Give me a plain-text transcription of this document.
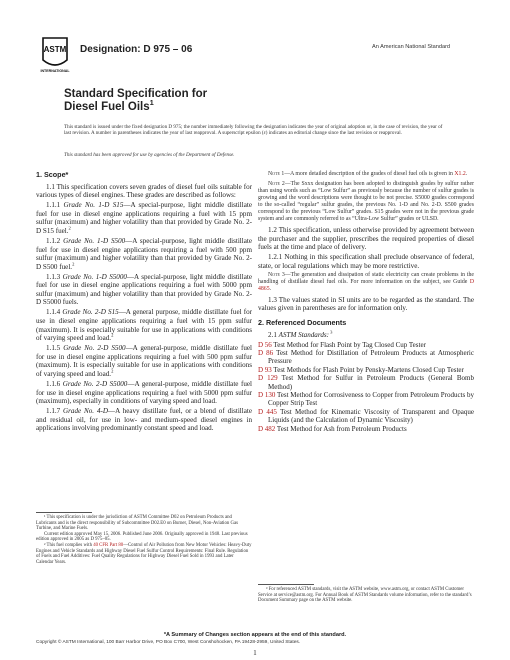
ASTM
INTERNATIONAL
Designation: D 975 – 06	An American National Standard
Standard Specification for
Diesel Fuel Oils$^1$
This standard is issued under the fixed designation D 975; the number immediately following the designation indicates the year of original adoption or, in the case of revision, the year of last revision. A number in parentheses indicates the year of last reapproval. A superscript epsilon (ε) indicates an editorial change since the last revision or reapproval.
This standard has been approved for use by agencies of the Department of Defense.
1. Scope*

1.1 This specification covers seven grades of diesel fuel oils suitable for various types of diesel engines. These grades are described as follows:

1.1.1 Grade No. 1-D S15—A special-purpose, light middle distillate fuel for use in diesel engine applications requiring a fuel with 15 ppm sulfur (maximum) and higher volatility than that provided by Grade No. 2-D S15 fuel.$^2$

1.1.2 Grade No. 1-D S500—A special-purpose, light middle distillate fuel for use in diesel engine applications requiring a fuel with 500 ppm sulfur (maximum) and higher volatility than that provided by Grade No. 2-D S500 fuel.$^2$

1.1.3 Grade No. 1-D S5000—A special-purpose, light middle distillate fuel for use in diesel engine applications requiring a fuel with 5000 ppm sulfur (maximum) and higher volatility than that provided by Grade No. 2-D S5000 fuels.

1.1.4 Grade No. 2-D S15—A general purpose, middle distillate fuel for use in diesel engine applications requiring a fuel with 15 ppm sulfur (maximum). It is especially suitable for use in applications with conditions of varying speed and load.$^2$

1.1.5 Grade No. 2-D S500—A general-purpose, middle distillate fuel for use in diesel engine applications requiring a fuel with 500 ppm sulfur (maximum). It is especially suitable for use in applications with conditions of varying speed and load.$^2$

1.1.6 Grade No. 2-D S5000—A general-purpose, middle distillate fuel for use in diesel engine applications requiring a fuel with 5000 ppm sulfur (maximum), especially in conditions of varying speed and load.

1.1.7 Grade No. 4-D—A heavy distillate fuel, or a blend of distillate and residual oil, for use in low- and medium-speed diesel engines in applications involving predominantly constant speed and load.

Note 1—A more detailed description of the grades of diesel fuel oils is given in X1.2.

Note 2—The Sxxx designation has been adopted to distinguish grades by sulfur rather than using words such as “Low Sulfur” as previously because the number of sulfur grades is growing and the word descriptions were thought to be not precise. S5000 grades correspond to the so-called “regular” sulfur grades, the previous No. 1-D and No. 2-D. S500 grades correspond to the previous “Low Sulfur” grades. S15 grades were not in the previous grade system and are commonly referred to as “Ultra-Low Sulfur” grades or ULSD.

1.2 This specification, unless otherwise provided by agreement between the purchaser and the supplier, prescribes the required properties of diesel fuels at the time and place of delivery.

1.2.1 Nothing in this specification shall preclude observance of federal, state, or local regulations which may be more restrictive.

Note 3—The generation and dissipation of static electricity can create problems in the handling of distillate diesel fuel oils. For more information on the subject, see Guide D 4865.

1.3 The values stated in SI units are to be regarded as the standard. The values given in parentheses are for information only.

2. Referenced Documents

2.1 ASTM Standards: $^3$

D 56 Test Method for Flash Point by Tag Closed Cup Tester

D 86 Test Method for Distillation of Petroleum Products at Atmospheric Pressure

D 93 Test Methods for Flash Point by Pensky-Martens Closed Cup Tester

D 129 Test Method for Sulfur in Petroleum Products (General Bomb Method)

D 130 Test Method for Corrosiveness to Copper from Petroleum Products by Copper Strip Test

D 445 Test Method for Kinematic Viscosity of Transparent and Opaque Liquids (and the Calculation of Dynamic Viscosity)

D 482 Test Method for Ash from Petroleum Products

¹ This specification is under the jurisdiction of ASTM Committee D02 on Petroleum Products and Lubricants and is the direct responsibility of Subcommittee D02.E0 on Burner, Diesel, Non-Aviation Gas Turbine, and Marine Fuels.

Current edition approved May 15, 2006. Published June 2006. Originally approved in 1948. Last previous edition approved in 2005 as D 975–05.

² This fuel complies with 40 CFR Part 80—Control of Air Pollution from New Motor Vehicles: Heavy-Duty Engines and Vehicle Standards and Highway Diesel Fuel Sulfur Control Requirements: Final Rule. Regulation of Fuels and Fuel Additives: Fuel Quality Regulations for Highway Diesel Fuel Sold in 1993 and Later Calendar Years.

³ For referenced ASTM standards, visit the ASTM website, www.astm.org, or contact ASTM Customer Service at service@astm.org. For Annual Book of ASTM Standards volume information, refer to the standard’s Document Summary page on the ASTM website.

*A Summary of Changes section appears at the end of this standard.
Copyright © ASTM International, 100 Barr Harbor Drive, PO Box C700, West Conshohocken, PA 19428-2959, United States.
1
